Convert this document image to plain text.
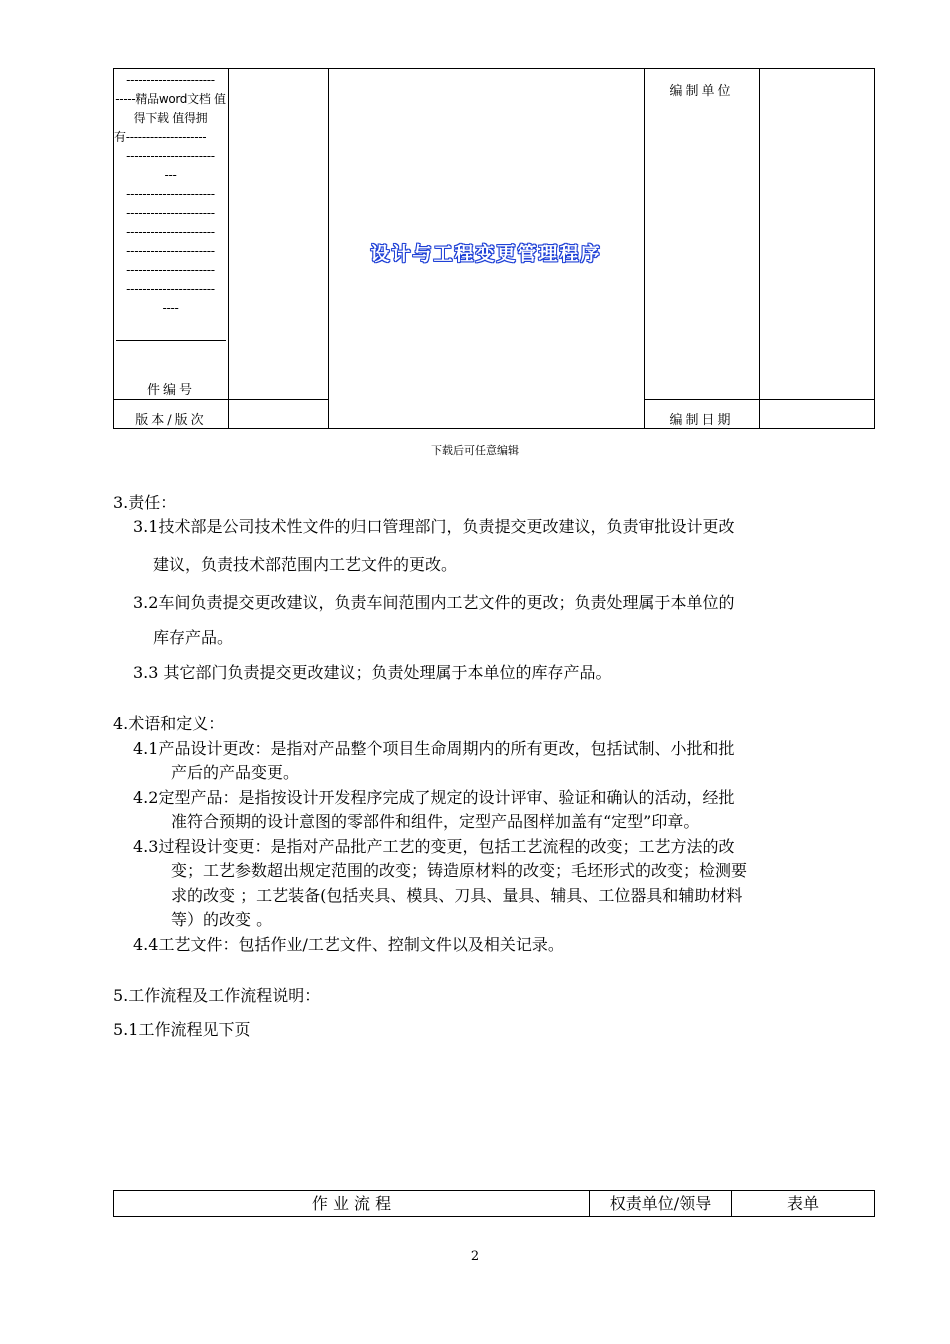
----------------------
-----精品word文档 值得下载 值得拥
有--------------------
----------------------
---
----------------------
----------------------
----------------------
----------------------
----------------------
----------------------
----
件编号
版本/版次
设计与工程变更管理程序
编制单位
编制日期
下载后可任意编辑
3.责任：
3.1技术部是公司技术性文件的归口管理部门，负责提交更改建议，负责审批设计更改
建议，负责技术部范围内工艺文件的更改。
3.2车间负责提交更改建议，负责车间范围内工艺文件的更改；负责处理属于本单位的
库存产品。
3.3 其它部门负责提交更改建议；负责处理属于本单位的库存产品。
4.术语和定义：
4.1产品设计更改：是指对产品整个项目生命周期内的所有更改，包括试制、小批和批
产后的产品变更。
4.2定型产品：是指按设计开发程序完成了规定的设计评审、验证和确认的活动，经批
准符合预期的设计意图的零部件和组件，定型产品图样加盖有“定型”印章。
4.3过程设计变更：是指对产品批产工艺的变更，包括工艺流程的改变；工艺方法的改
变；工艺参数超出规定范围的改变；铸造原材料的改变；毛坯形式的改变；检测要
求的改变 ；工艺装备(包括夹具、模具、刀具、量具、辅具、工位器具和辅助材料
等）的改变 。
4.4工艺文件：包括作业/工艺文件、控制文件以及相关记录。
5.工作流程及工作流程说明：
5.1工作流程见下页
作 业 流 程	权责单位/领导	表单
2
